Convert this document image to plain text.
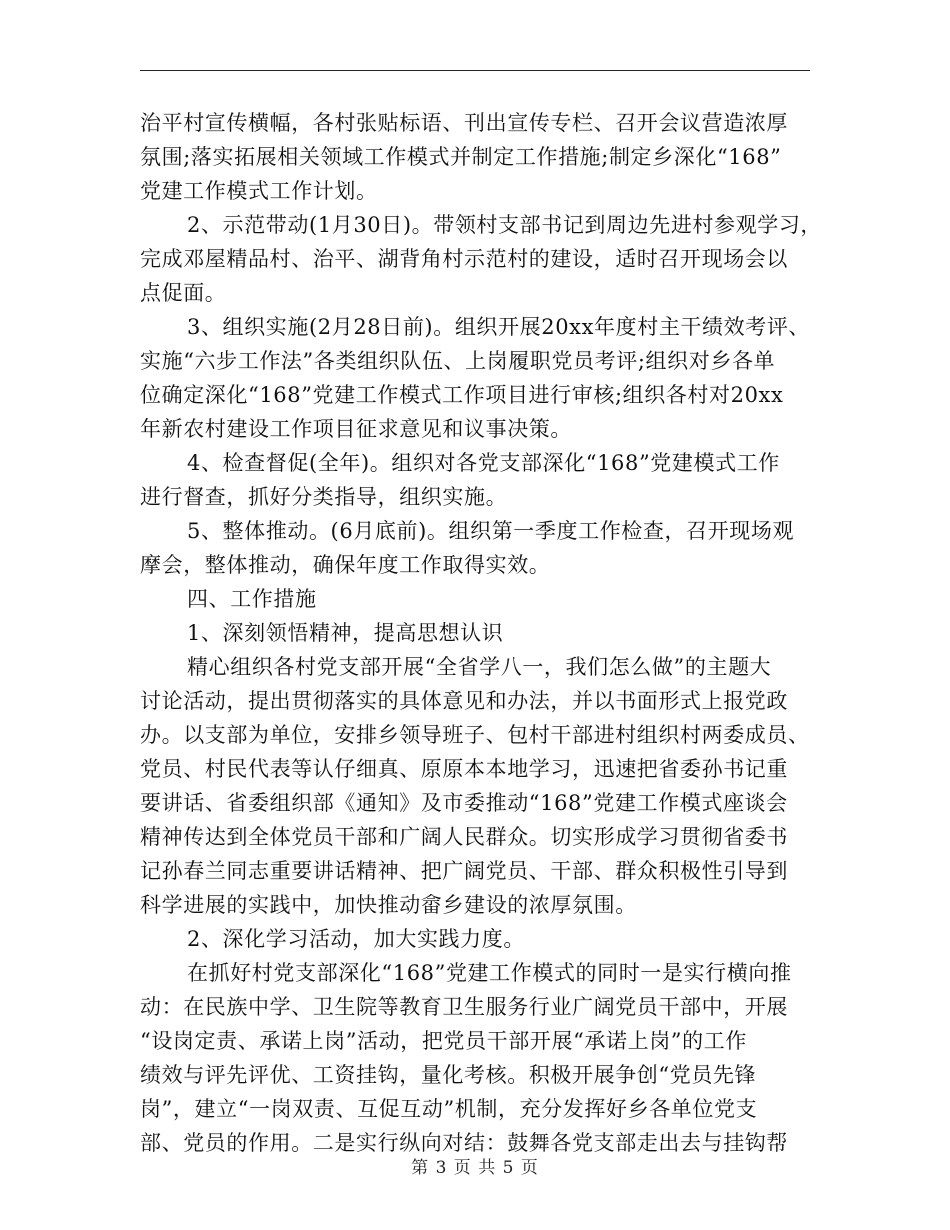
治平村宣传横幅，各村张贴标语、刊出宣传专栏、召开会议营造浓厚
氛围;落实拓展相关领域工作模式并制定工作措施;制定乡深化“168”
党建工作模式工作计划。
2、示范带动(1月30日)。带领村支部书记到周边先进村参观学习，
完成邓屋精品村、治平、湖背角村示范村的建设，适时召开现场会以
点促面。
3、组织实施(2月28日前)。组织开展20xx年度村主干绩效考评、
实施“六步工作法”各类组织队伍、上岗履职党员考评;组织对乡各单
位确定深化“168”党建工作模式工作项目进行审核;组织各村对20xx
年新农村建设工作项目征求意见和议事决策。
4、检查督促(全年)。组织对各党支部深化“168”党建模式工作
进行督查，抓好分类指导，组织实施。
5、整体推动。(6月底前)。组织第一季度工作检查，召开现场观
摩会，整体推动，确保年度工作取得实效。
四、工作措施
1、深刻领悟精神，提高思想认识
精心组织各村党支部开展“全省学八一，我们怎么做”的主题大
讨论活动，提出贯彻落实的具体意见和办法，并以书面形式上报党政
办。以支部为单位，安排乡领导班子、包村干部进村组织村两委成员、
党员、村民代表等认仔细真、原原本本地学习，迅速把省委孙书记重
要讲话、省委组织部《通知》及市委推动“168”党建工作模式座谈会
精神传达到全体党员干部和广阔人民群众。切实形成学习贯彻省委书
记孙春兰同志重要讲话精神、把广阔党员、干部、群众积极性引导到
科学进展的实践中，加快推动畲乡建设的浓厚氛围。
2、深化学习活动，加大实践力度。
在抓好村党支部深化“168”党建工作模式的同时一是实行横向推
动：在民族中学、卫生院等教育卫生服务行业广阔党员干部中，开展
“设岗定责、承诺上岗”活动，把党员干部开展“承诺上岗”的工作
绩效与评先评优、工资挂钩，量化考核。积极开展争创“党员先锋
岗”，建立“一岗双责、互促互动”机制，充分发挥好乡各单位党支
部、党员的作用。二是实行纵向对结：鼓舞各党支部走出去与挂钩帮
第 3 页 共 5 页
